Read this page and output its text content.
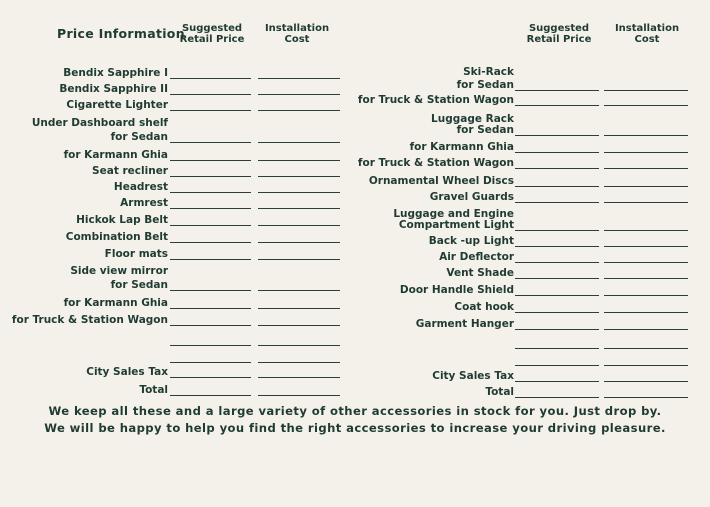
Price Information
Suggested Retail Price
Installation Cost
Suggested Retail Price
Installation Cost
Bendix Sapphire I
Bendix Sapphire II
Cigarette Lighter
Under Dashboard shelf
for Sedan
for Karmann Ghia
Seat recliner
Headrest
Armrest
Hickok Lap Belt
Combination Belt
Floor mats
Side view mirror
for Sedan
for Karmann Ghia
for Truck & Station Wagon
City Sales Tax
Total
Ski-Rack
for Sedan
for Truck & Station Wagon
Luggage Rack
for Sedan
for Karmann Ghia
for Truck & Station Wagon
Ornamental Wheel Discs
Gravel Guards
Luggage and Engine
Compartment Light
Back -up Light
Air Deflector
Vent Shade
Door Handle Shield
Coat hook
Garment Hanger
City Sales Tax
Total
We keep all these and a large variety of other accessories in stock for you. Just drop by.
We will be happy to help you find the right accessories to increase your driving pleasure.
